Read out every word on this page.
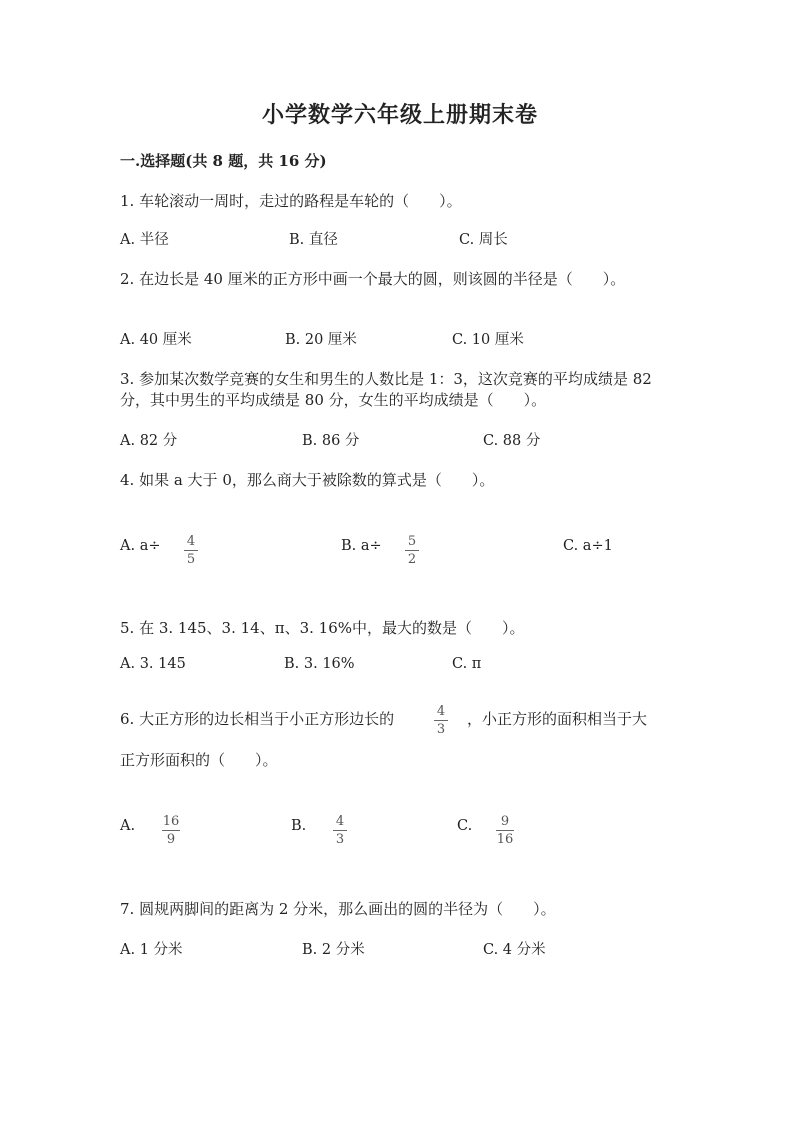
小学数学六年级上册期末卷
一.选择题(共 8 题，共 16 分)
1. 车轮滚动一周时，走过的路程是车轮的（　　）。
A. 半径	B. 直径	C. 周长
2. 在边长是 40 厘米的正方形中画一个最大的圆，则该圆的半径是（　　）。
A. 40 厘米	B. 20 厘米	C. 10 厘米
3. 参加某次数学竞赛的女生和男生的人数比是 1：3，这次竞赛的平均成绩是 82
分，其中男生的平均成绩是 80 分，女生的平均成绩是（　　）。
A. 82 分	B. 86 分	C. 88 分
4. 如果 a 大于 0，那么商大于被除数的算式是（　　）。
A. a÷ 4
5
B. a÷ 5
2
C. a÷1
5. 在 3. 145、3. 14、π、3. 16%中，最大的数是（　　）。
A. 3. 145	B. 3. 16%	C. π
6. 大正方形的边长相当于小正方形边长的	4
3
，小正方形的面积相当于大
正方形面积的（　　）。
A. 16
9
B. 4
3
C. 9
16
7. 圆规两脚间的距离为 2 分米，那么画出的圆的半径为（　　）。
A. 1 分米	B. 2 分米	C. 4 分米
